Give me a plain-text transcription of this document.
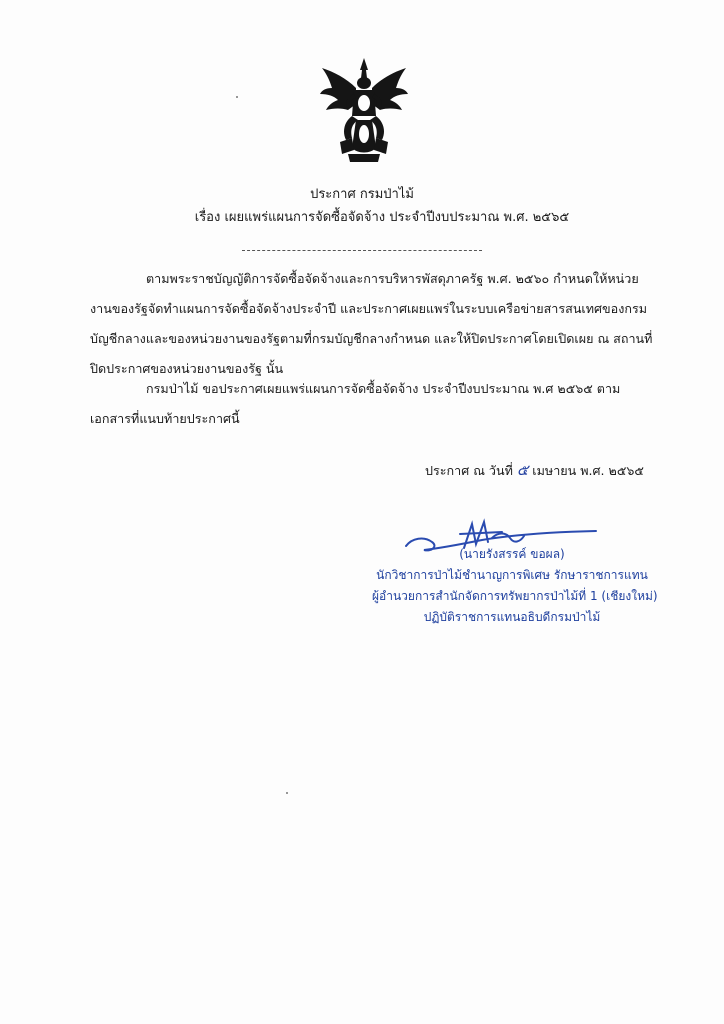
ประกาศ กรมป่าไม้
เรื่อง เผยแพร่แผนการจัดซื้อจัดจ้าง ประจำปีงบประมาณ พ.ศ. ๒๕๖๕

ตามพระราชบัญญัติการจัดซื้อจัดจ้างและการบริหารพัสดุภาครัฐ พ.ศ. ๒๕๖๐ กำหนดให้หน่วยงานของรัฐจัดทำแผนการจัดซื้อจัดจ้างประจำปี และประกาศเผยแพร่ในระบบเครือข่ายสารสนเทศของกรมบัญชีกลางและของหน่วยงานของรัฐตามที่กรมบัญชีกลางกำหนด และให้ปิดประกาศโดยเปิดเผย ณ สถานที่ปิดประกาศของหน่วยงานของรัฐ นั้น

กรมป่าไม้ ขอประกาศเผยแพร่แผนการจัดซื้อจัดจ้าง ประจำปีงบประมาณ พ.ศ ๒๕๖๕ ตามเอกสารที่แนบท้ายประกาศนี้

ประกาศ ณ วันที่ ๕ เมษายน พ.ศ. ๒๕๖๕
(นายรังสรรค์ ขอผล)
นักวิชาการป่าไม้ชำนาญการพิเศษ รักษาราชการแทน
ผู้อำนวยการสำนักจัดการทรัพยากรป่าไม้ที่ 1 (เชียงใหม่)
ปฏิบัติราชการแทนอธิบดีกรมป่าไม้
